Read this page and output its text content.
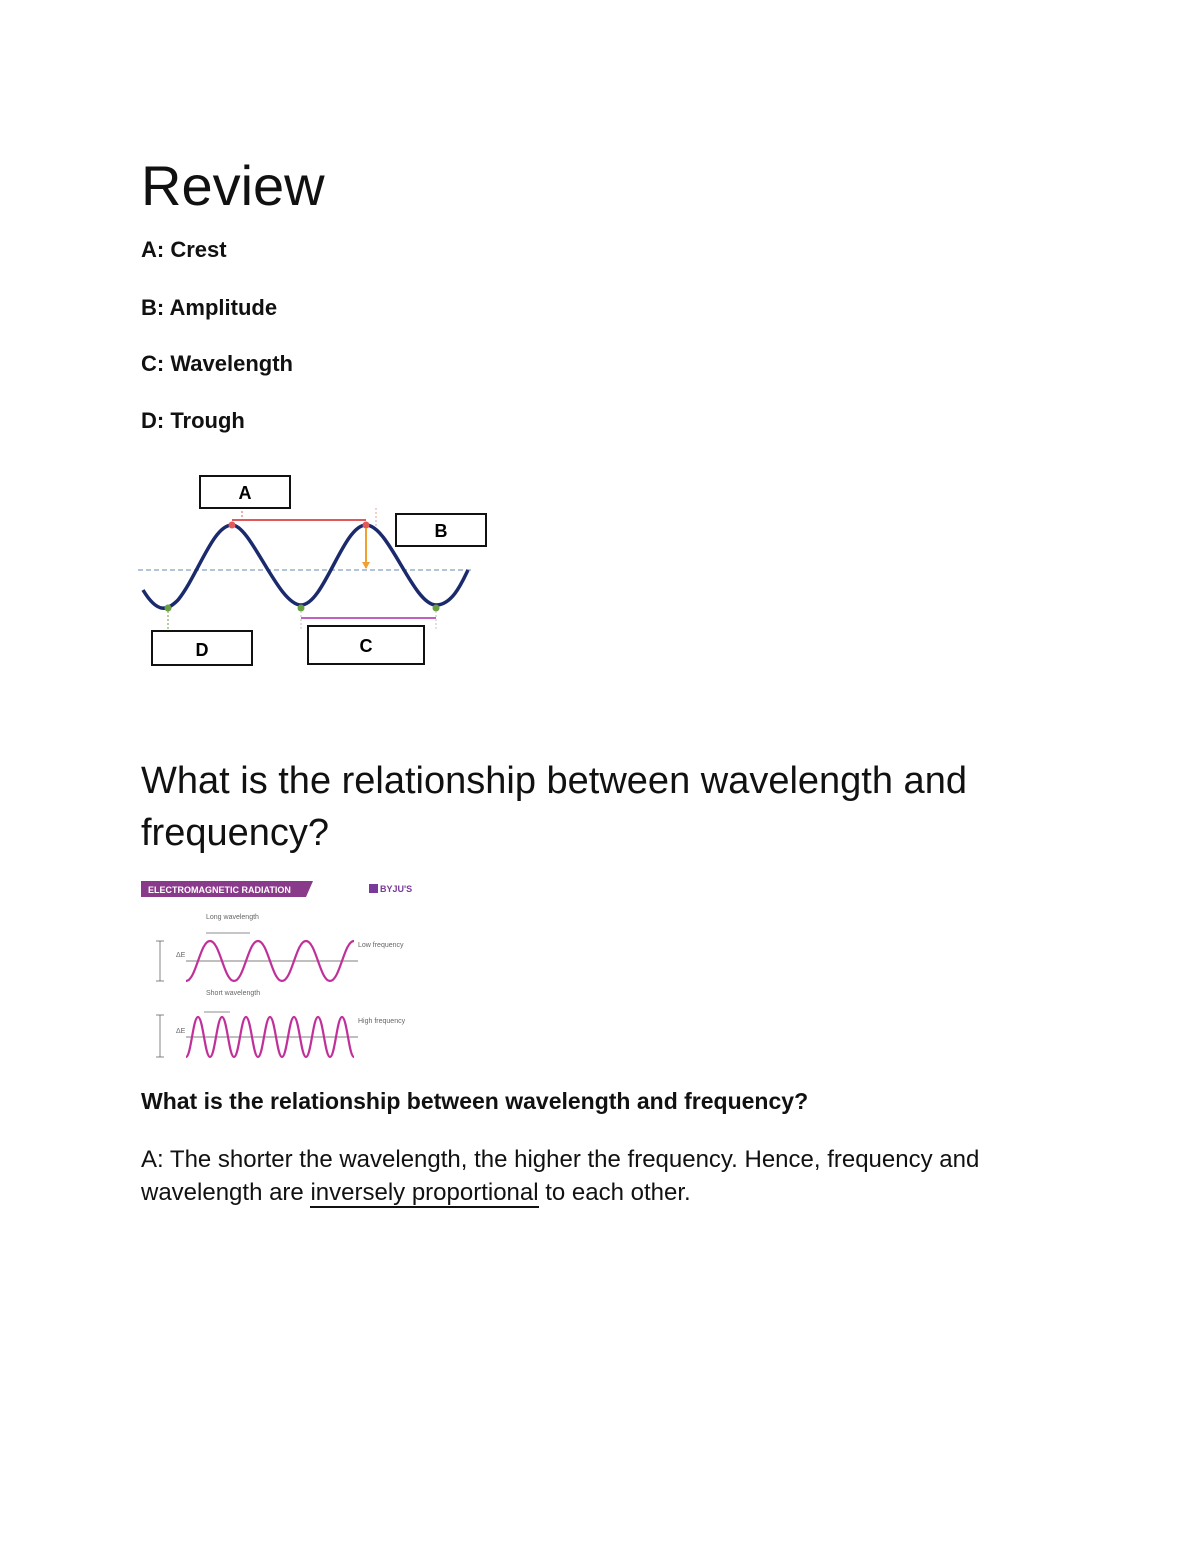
Review

A: Crest

B: Amplitude

C: Wavelength

D: Trough

A
B
C
D
What is the relationship between wavelength and frequency?
ELECTROMAGNETIC RADIATION	BYJU'S
Long wavelength
ΔE
Low frequency
Short wavelength
ΔE
High frequency

What is the relationship between wavelength and frequency?

A: The shorter the wavelength, the higher the frequency. Hence, frequency and wavelength are inversely proportional to each other.
